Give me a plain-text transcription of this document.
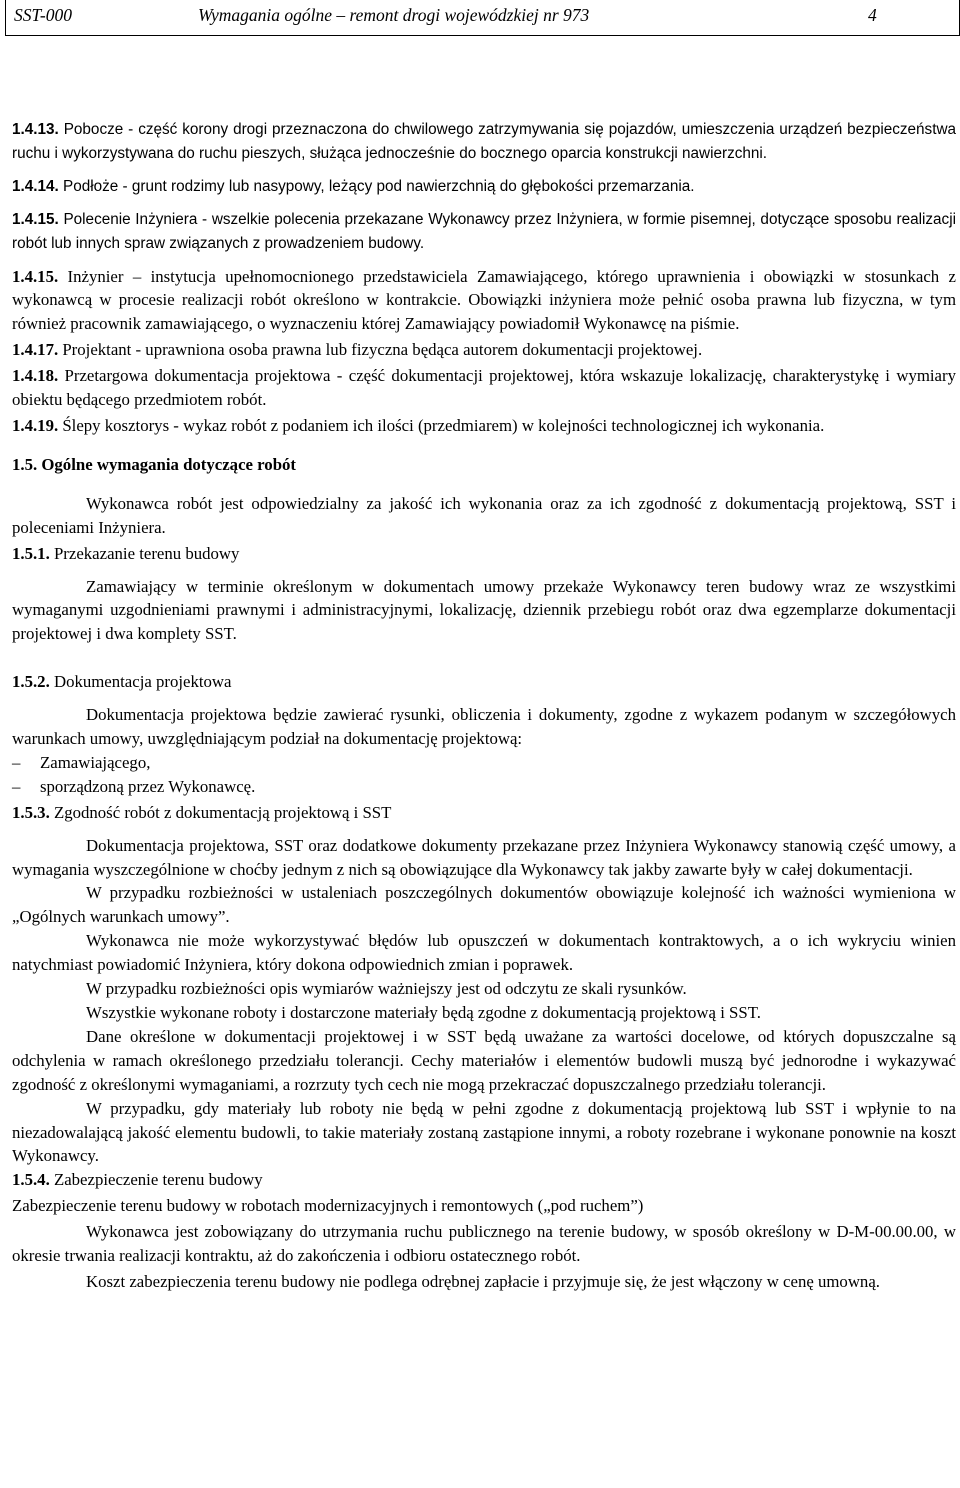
SST-000	Wymagania ogólne – remont drogi wojewódzkiej nr 973	4

1.4.13. Pobocze - część korony drogi przeznaczona do chwilowego zatrzymywania się pojazdów, umieszczenia urządzeń bezpieczeństwa ruchu i wykorzystywana do ruchu pieszych, służąca jednocześnie do bocznego oparcia konstrukcji nawierzchni.

1.4.14. Podłoże - grunt rodzimy lub nasypowy, leżący pod nawierzchnią do głębokości przemarzania.

1.4.15. Polecenie Inżyniera - wszelkie polecenia przekazane Wykonawcy przez Inżyniera, w formie pisemnej, dotyczące sposobu realizacji robót lub innych spraw związanych z prowadzeniem budowy.

1.4.15. Inżynier – instytucja upełnomocnionego przedstawiciela Zamawiającego, którego uprawnienia i obowiązki w stosunkach z wykonawcą w procesie realizacji robót określono w kontrakcie. Obowiązki inżyniera może pełnić osoba prawna lub fizyczna, w tym również pracownik zamawiającego, o wyznaczeniu której Zamawiający powiadomił Wykonawcę na piśmie.

1.4.17. Projektant - uprawniona osoba prawna lub fizyczna będąca autorem dokumentacji projektowej.

1.4.18. Przetargowa dokumentacja projektowa - część dokumentacji projektowej, która wskazuje lokalizację, charakterystykę i wymiary obiektu będącego przedmiotem robót.

1.4.19. Ślepy kosztorys - wykaz robót z podaniem ich ilości (przedmiarem) w kolejności technologicznej ich wykonania.

1.5. Ogólne wymagania dotyczące robót

Wykonawca robót jest odpowiedzialny za jakość ich wykonania oraz za ich zgodność z dokumentacją projektową, SST i poleceniami Inżyniera.

1.5.1. Przekazanie terenu budowy

Zamawiający w terminie określonym w dokumentach umowy przekaże Wykonawcy teren budowy wraz ze wszystkimi wymaganymi uzgodnieniami prawnymi i administracyjnymi, lokalizację, dziennik przebiegu robót oraz dwa egzemplarze dokumentacji projektowej i dwa komplety SST.

1.5.2. Dokumentacja projektowa

Dokumentacja projektowa będzie zawierać rysunki, obliczenia i dokumenty, zgodne z wykazem podanym w szczegółowych warunkach umowy, uwzględniającym podział na dokumentację projektową:

– Zamawiającego,

– sporządzoną przez Wykonawcę.

1.5.3. Zgodność robót z dokumentacją projektową i SST

Dokumentacja projektowa, SST oraz dodatkowe dokumenty przekazane przez Inżyniera Wykonawcy stanowią część umowy, a wymagania wyszczególnione w choćby jednym z nich są obowiązujące dla Wykonawcy tak jakby zawarte były w całej dokumentacji.

W przypadku rozbieżności w ustaleniach poszczególnych dokumentów obowiązuje kolejność ich ważności wymieniona w „Ogólnych warunkach umowy”.

Wykonawca nie może wykorzystywać błędów lub opuszczeń w dokumentach kontraktowych, a o ich wykryciu winien natychmiast powiadomić Inżyniera, który dokona odpowiednich zmian i poprawek.

W przypadku rozbieżności opis wymiarów ważniejszy jest od odczytu ze skali rysunków.

Wszystkie wykonane roboty i dostarczone materiały będą zgodne z dokumentacją projektową i SST.

Dane określone w dokumentacji projektowej i w SST będą uważane za wartości docelowe, od których dopuszczalne są odchylenia w ramach określonego przedziału tolerancji. Cechy materiałów i elementów budowli muszą być jednorodne i wykazywać zgodność z określonymi wymaganiami, a rozrzuty tych cech nie mogą przekraczać dopuszczalnego przedziału tolerancji.

W przypadku, gdy materiały lub roboty nie będą w pełni zgodne z dokumentacją projektową lub SST i wpłynie to na niezadowalającą jakość elementu budowli, to takie materiały zostaną zastąpione innymi, a roboty rozebrane i wykonane ponownie na koszt Wykonawcy.

1.5.4. Zabezpieczenie terenu budowy

Zabezpieczenie terenu budowy w robotach modernizacyjnych i remontowych („pod ruchem”)

Wykonawca jest zobowiązany do utrzymania ruchu publicznego na terenie budowy, w sposób określony w D-M-00.00.00, w okresie trwania realizacji kontraktu, aż do zakończenia i odbioru ostatecznego robót.

Koszt zabezpieczenia terenu budowy nie podlega odrębnej zapłacie i przyjmuje się, że jest włączony w cenę umowną.
